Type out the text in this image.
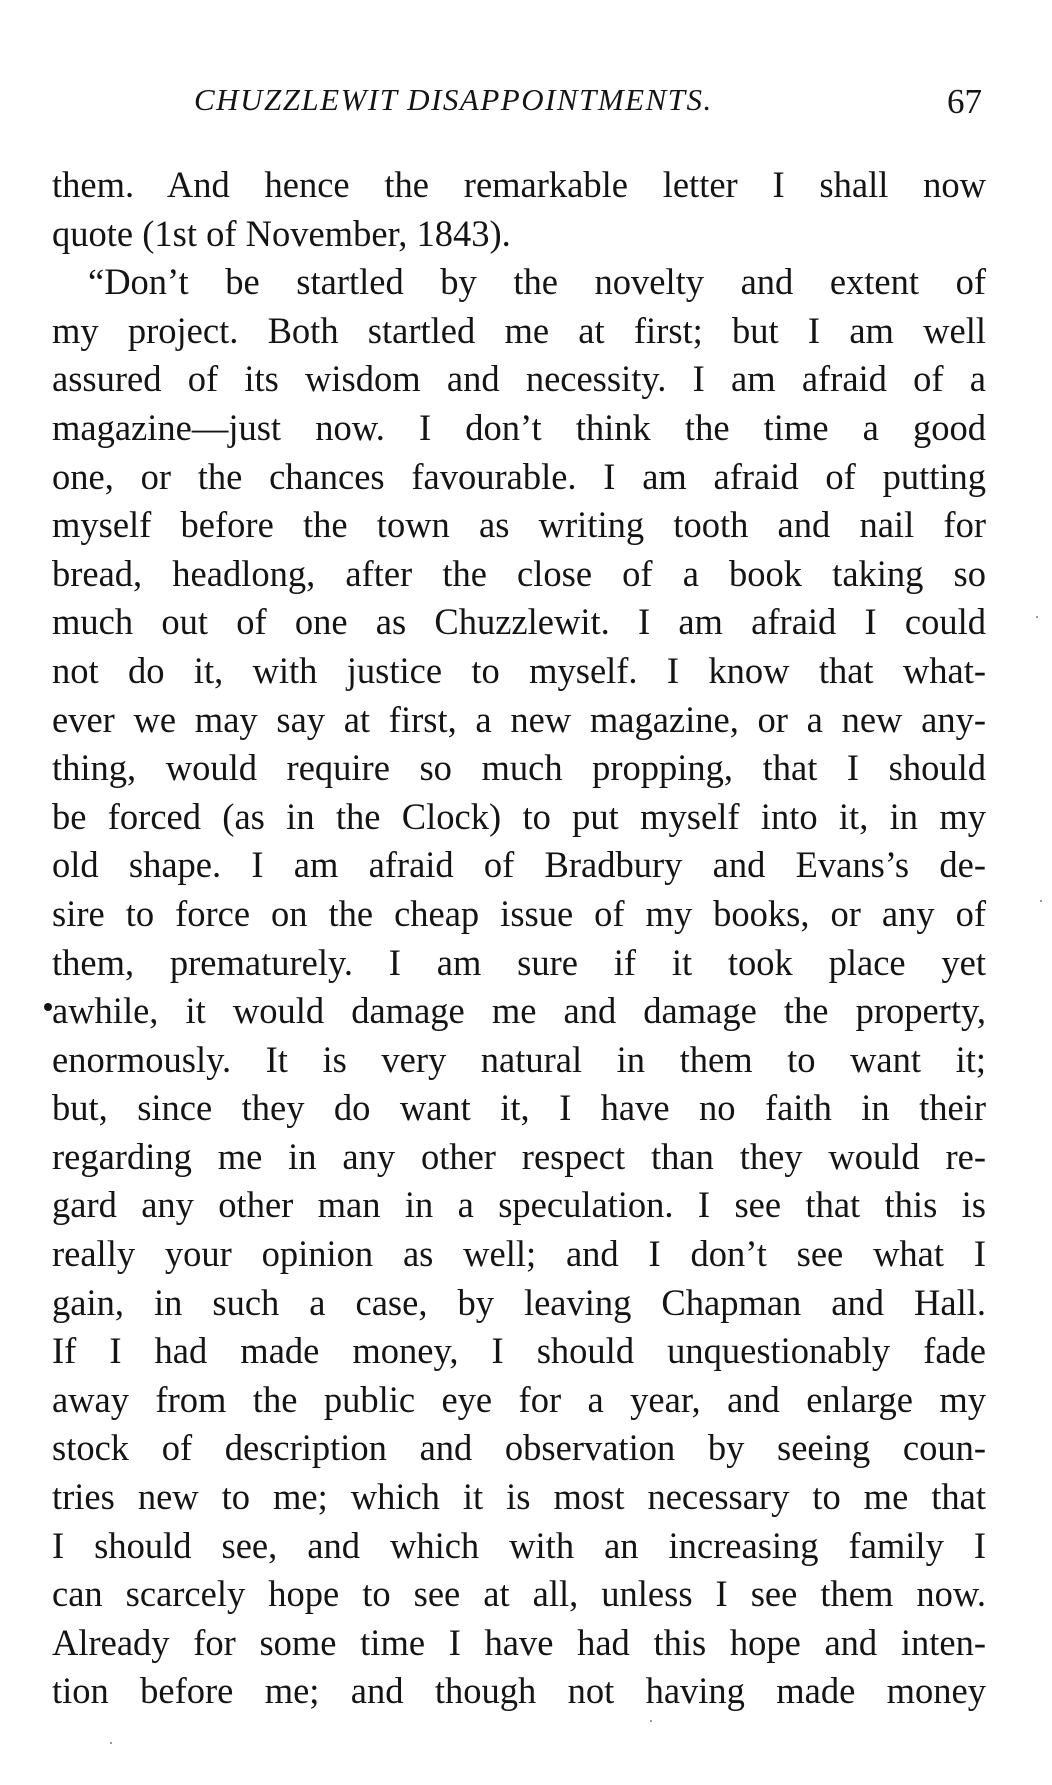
CHUZZLEWIT DISAPPOINTMENTS.	67
them. And hence the remarkable letter I shall now
quote (1st of November, 1843).
“Don’t be startled by the novelty and extent of
my project. Both startled me at first; but I am well
assured of its wisdom and necessity. I am afraid of a
magazine—just now. I don’t think the time a good
one, or the chances favourable. I am afraid of putting
myself before the town as writing tooth and nail for
bread, headlong, after the close of a book taking so
much out of one as Chuzzlewit. I am afraid I could
not do it, with justice to myself. I know that what-
ever we may say at first, a new magazine, or a new any-
thing, would require so much propping, that I should
be forced (as in the Clock) to put myself into it, in my
old shape. I am afraid of Bradbury and Evans’s de-
sire to force on the cheap issue of my books, or any of
them, prematurely. I am sure if it took place yet
awhile, it would damage me and damage the property,
enormously. It is very natural in them to want it;
but, since they do want it, I have no faith in their
regarding me in any other respect than they would re-
gard any other man in a speculation. I see that this is
really your opinion as well; and I don’t see what I
gain, in such a case, by leaving Chapman and Hall.
If I had made money, I should unquestionably fade
away from the public eye for a year, and enlarge my
stock of description and observation by seeing coun-
tries new to me; which it is most necessary to me that
I should see, and which with an increasing family I
can scarcely hope to see at all, unless I see them now.
Already for some time I have had this hope and inten-
tion before me; and though not having made money
